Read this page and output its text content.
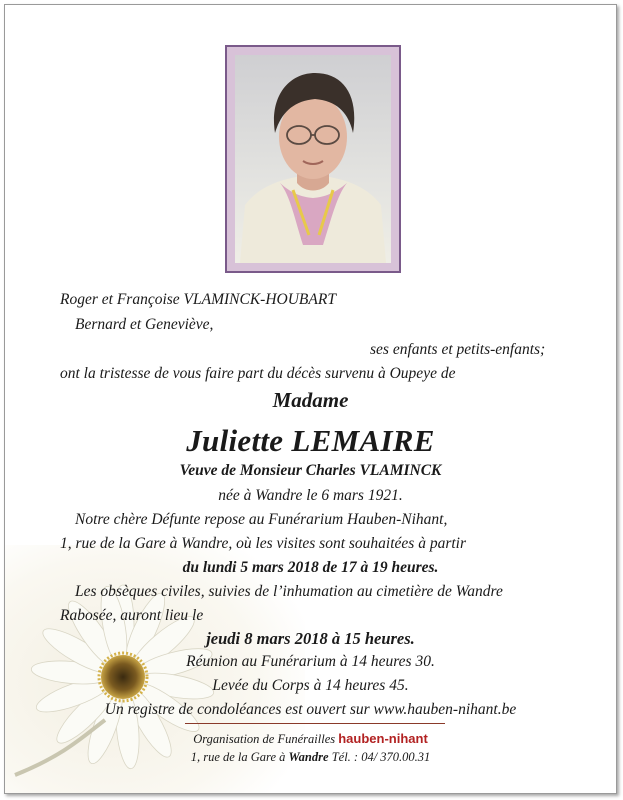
Roger et Françoise VLAMINCK-HOUBART
Bernard et Geneviève,
ses enfants et petits-enfants;
ont la tristesse de vous faire part du décès survenu à Oupeye de
Madame
Juliette LEMAIRE
Veuve de Monsieur Charles VLAMINCK
née à Wandre le 6 mars 1921.
Notre chère Défunte repose au Funérarium Hauben-Nihant,
1, rue de la Gare à Wandre, où les visites sont souhaitées à partir
du lundi 5 mars 2018 de 17 à 19 heures.
Les obsèques civiles, suivies de l’inhumation au cimetière de Wandre
Rabosée, auront lieu le
jeudi 8 mars 2018 à 15 heures.
Réunion au Funérarium à 14 heures 30.
Levée du Corps à 14 heures 45.
Un registre de condoléances est ouvert sur www.hauben-nihant.be
Organisation de Funérailles hauben-nihant
1, rue de la Gare à Wandre Tél. : 04/ 370.00.31
